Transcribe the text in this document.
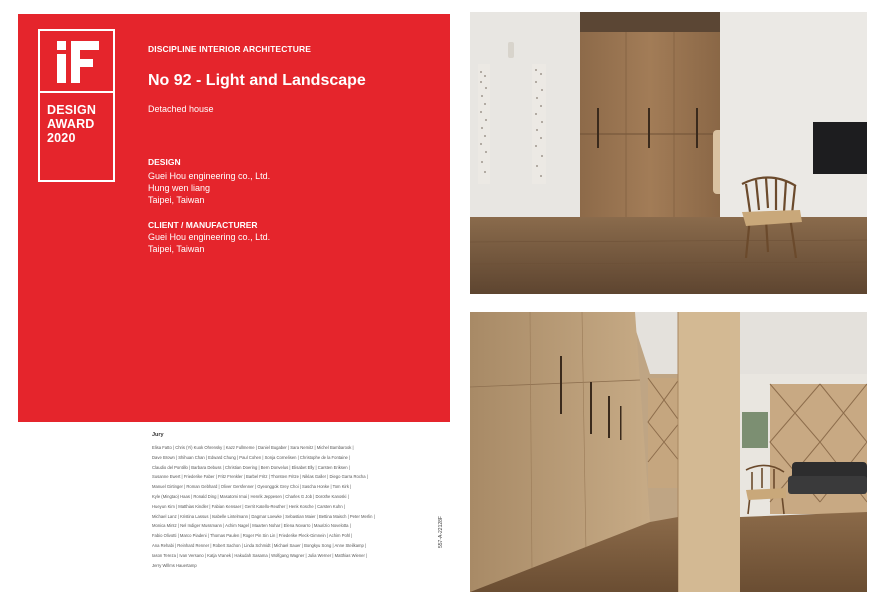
DESIGN
AWARD
2020
DISCIPLINE INTERIOR ARCHITECTURE
No 92 - Light and Landscape
Detached house
DESIGN
Guei Hou engineering co., Ltd.
Hung wen liang
Taipei, Taiwan
CLIENT / MANUFACTURER
Guei Hou engineering co., Ltd.
Taipei, Taiwan
Jury
Elisa Fatto | Chris (Yi) Kuok Ohrensky | Kazz Fullmeme | Daniel Bugaber | Sara Nemitz | Michel Bambarook |
Dave Brown | Shihuan Chan | Edward Chung | Paul Cohen | Sonja Cornelisen | Christophe de la Fontaine |
Claudio del Pontillo | Barbara Debuss | Christian Doering | Bern Donvelus | Elisabet Elly | Carsten Eriksen |
Susanne Ewert | Friederike Faber | Fritz Frenkler | Barbel Fritz | Thorsten Fritze | Niklas Galler | Diego Garra Rocha |
Manuel Girtinger | Roman Gebhard | Oliver Gersfenner | Gyeonggok Grey Choi | Sascha Honke | Tom Kirk |
Kyle (Mingtao) Haas | Ronald Ding | Masatomi Imai | Henrik Jeppesen | Charles G Job | Dorothe Kanoski |
Hueyun Kim | Matthias Kindler | Fabian Kensaer | Gerrit Katello-Reuther | Henk Kosche | Carsten Kuhn |
Michael Lanz | Kristina Lassus | Isabelle Lintelmann | Dagmar Loewke | Sebastian Maier | Bettina Maisch | Peter Merlin |
Monica Mintz | Nel Indiger Mussmann | Achim Nagel | Maarten Nohar | Elena Novarro | Maurizio Novelotta |
Fabio Olivotti | Marco Piadeni | Thomas Paulen | Roger Pin Sin Lin | Friederike Pleck-Gimnein | Achim Pohl |
Ana Rehabi | Reinhard Renner | Robert Sachon | Linda Schmidt | Michael Sauer | Bongkyu Song | Anne Steilkamp |
Iason Tereza | Ivan Versano | Katja Vranek | Hakudah Sasama | Wolfgang Wagner | Julia Werner | Matthias Wiener |
Jerry Willms Hauertamp
557-A-22128F
